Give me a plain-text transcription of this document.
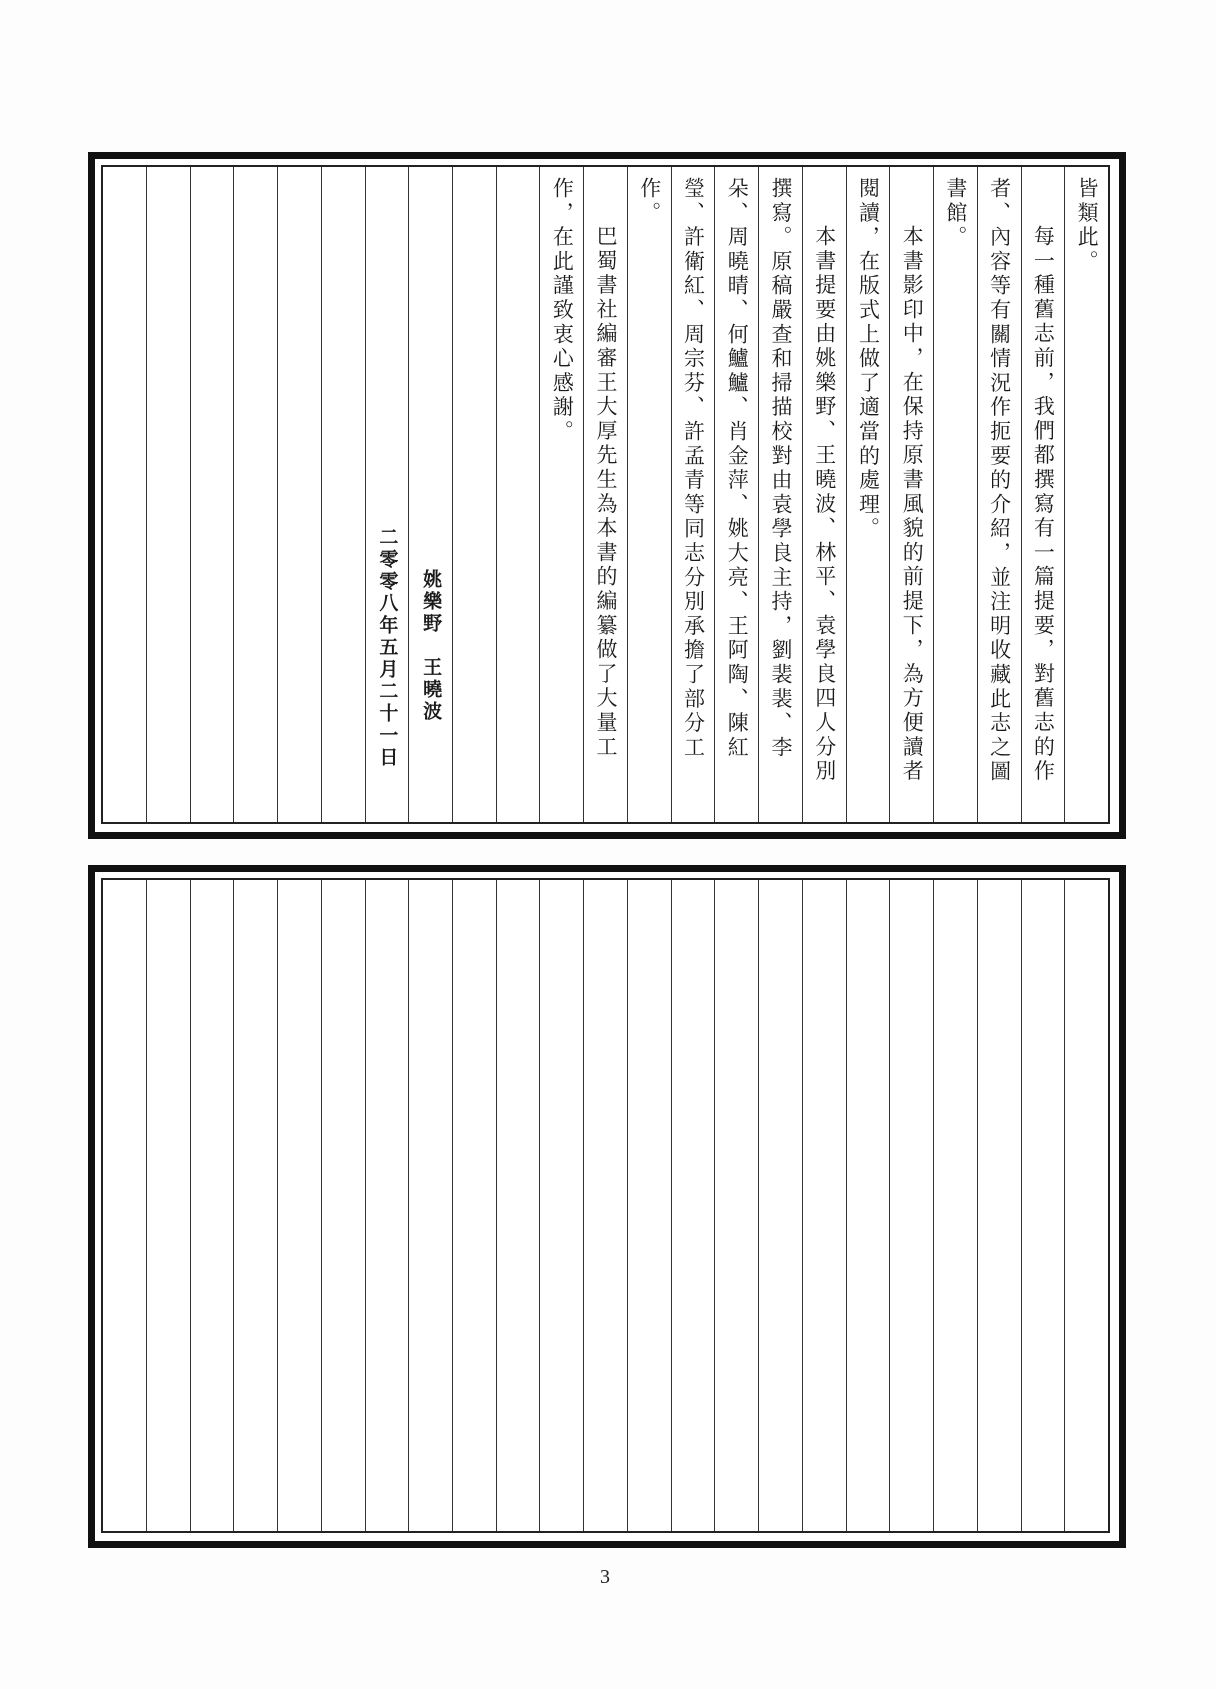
皆類此。
每一種舊志前，我們都撰寫有一篇提要，對舊志的作
者、內容等有關情況作扼要的介紹，並注明收藏此志之圖
書館。
本書影印中，在保持原書風貌的前提下，為方便讀者
閱讀，在版式上做了適當的處理。
本書提要由姚樂野、王曉波、林平、袁學良四人分別
撰寫。原稿嚴查和掃描校對由袁學良主持，劉裴裴、李
朵、周曉晴、何鱸鱸、肖金萍、姚大亮、王阿陶、陳紅
瑩、許衛紅、周宗芬、許孟青等同志分別承擔了部分工
作。
巴蜀書社編審王大厚先生為本書的編纂做了大量工
作，在此謹致衷心感謝。
姚樂野　王曉波
二零零八年五月二十一日
3
